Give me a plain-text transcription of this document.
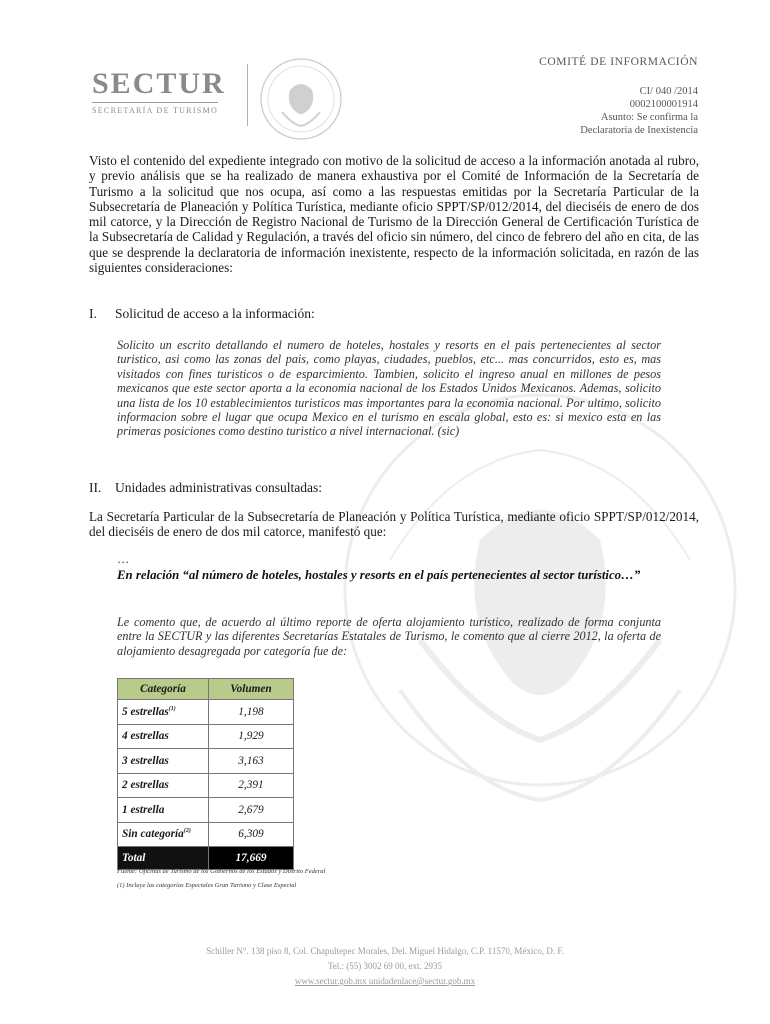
SECTUR
SECRETARÍA DE TURISMO
COMITÉ DE INFORMACIÓN
CI/ 040 /2014
0002100001914
Asunto: Se confirma la
Declaratoria de Inexistencia
Visto el contenido del expediente integrado con motivo de la solicitud de acceso a la información anotada al rubro, y previo análisis que se ha realizado de manera exhaustiva por el Comité de Información de la Secretaría de Turismo a la solicitud que nos ocupa, así como a las respuestas emitidas por la Secretaría Particular de la Subsecretaría de Planeación y Política Turística, mediante oficio SPPT/SP/012/2014, del dieciséis de enero de dos mil catorce, y la Dirección de Registro Nacional de Turismo de la Dirección General de Certificación Turística de la Subsecretaría de Calidad y Regulación, a través del oficio sin número, del cinco de febrero del año en cita, de las que se desprende la declaratoria de información inexistente, respecto de la información solicitada, en razón de las siguientes consideraciones:
I. Solicitud de acceso a la información:
Solicito un escrito detallando el numero de hoteles, hostales y resorts en el pais pertenecientes al sector turistico, asi como las zonas del pais, como playas, ciudades, pueblos, etc... mas concurridos, esto es, mas visitados con fines turisticos o de esparcimiento. Tambien, solicito el ingreso anual en millones de pesos mexicanos que este sector aporta a la economia nacional de los Estados Unidos Mexicanos. Ademas, solicito una lista de los 10 establecimientos turisticos mas importantes para la economia nacional. Por ultimo, solicito informacion sobre el lugar que ocupa Mexico en el turismo en escala global, esto es: si mexico esta en las primeras posiciones como destino turistico a nivel internacional. (sic)
II. Unidades administrativas consultadas:
La Secretaría Particular de la Subsecretaría de Planeación y Política Turística, mediante oficio SPPT/SP/012/2014, del dieciséis de enero de dos mil catorce, manifestó que:
…
En relación “al número de hoteles, hostales y resorts en el país pertenecientes al sector turístico…”
Le comento que, de acuerdo al último reporte de oferta alojamiento turístico, realizado de forma conjunta entre la SECTUR y las diferentes Secretarías Estatales de Turismo, le comento que al cierre 2012, la oferta de alojamiento desagregada por categoría fue de:
Categoría	Volumen
5 estrellas$^{(1)}$	1,198
4 estrellas	1,929
3 estrellas	3,163
2 estrellas	2,391
1 estrella	2,679
Sin categoría$^{(2)}$	6,309
Total	17,669
Fuente: Oficinas de Turismo de los Gobiernos de los Estados y Distrito Federal
(1) Incluye las categorías Especiales Gran Turismo y Clase Especial
Schiller N°. 138 piso 8, Col. Chapultepec Morales, Del. Miguel Hidalgo, C.P. 11570, México, D. F.
Tel.: (55) 3002 69 00, ext. 2935
www.sectur.gob.mx unidadenlace@sectur.gob.mx
